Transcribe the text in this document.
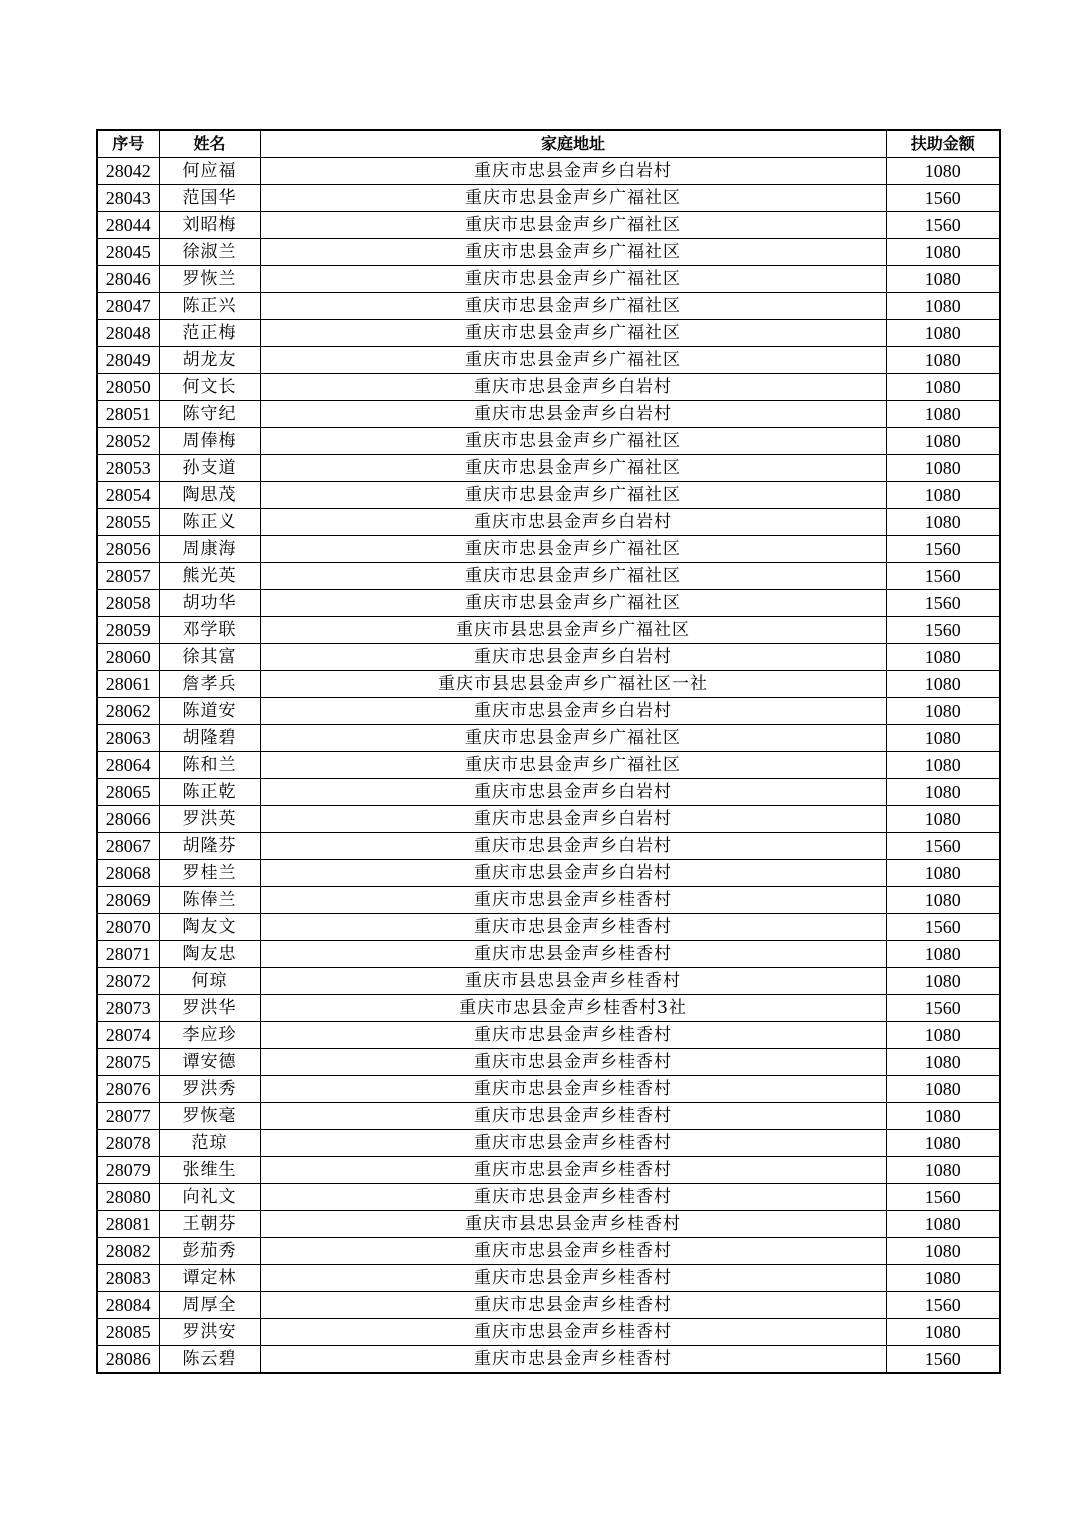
序号	姓名	家庭地址	扶助金额
28042	何应福	重庆市忠县金声乡白岩村	1080
28043	范国华	重庆市忠县金声乡广福社区	1560
28044	刘昭梅	重庆市忠县金声乡广福社区	1560
28045	徐淑兰	重庆市忠县金声乡广福社区	1080
28046	罗恢兰	重庆市忠县金声乡广福社区	1080
28047	陈正兴	重庆市忠县金声乡广福社区	1080
28048	范正梅	重庆市忠县金声乡广福社区	1080
28049	胡龙友	重庆市忠县金声乡广福社区	1080
28050	何文长	重庆市忠县金声乡白岩村	1080
28051	陈守纪	重庆市忠县金声乡白岩村	1080
28052	周俸梅	重庆市忠县金声乡广福社区	1080
28053	孙支道	重庆市忠县金声乡广福社区	1080
28054	陶思茂	重庆市忠县金声乡广福社区	1080
28055	陈正义	重庆市忠县金声乡白岩村	1080
28056	周康海	重庆市忠县金声乡广福社区	1560
28057	熊光英	重庆市忠县金声乡广福社区	1560
28058	胡功华	重庆市忠县金声乡广福社区	1560
28059	邓学联	重庆市县忠县金声乡广福社区	1560
28060	徐其富	重庆市忠县金声乡白岩村	1080
28061	詹孝兵	重庆市县忠县金声乡广福社区一社	1080
28062	陈道安	重庆市忠县金声乡白岩村	1080
28063	胡隆碧	重庆市忠县金声乡广福社区	1080
28064	陈和兰	重庆市忠县金声乡广福社区	1080
28065	陈正乾	重庆市忠县金声乡白岩村	1080
28066	罗洪英	重庆市忠县金声乡白岩村	1080
28067	胡隆芬	重庆市忠县金声乡白岩村	1560
28068	罗桂兰	重庆市忠县金声乡白岩村	1080
28069	陈俸兰	重庆市忠县金声乡桂香村	1080
28070	陶友文	重庆市忠县金声乡桂香村	1560
28071	陶友忠	重庆市忠县金声乡桂香村	1080
28072	何琼	重庆市县忠县金声乡桂香村	1080
28073	罗洪华	重庆市忠县金声乡桂香村3社	1560
28074	李应珍	重庆市忠县金声乡桂香村	1080
28075	谭安德	重庆市忠县金声乡桂香村	1080
28076	罗洪秀	重庆市忠县金声乡桂香村	1080
28077	罗恢毫	重庆市忠县金声乡桂香村	1080
28078	范琼	重庆市忠县金声乡桂香村	1080
28079	张维生	重庆市忠县金声乡桂香村	1080
28080	向礼文	重庆市忠县金声乡桂香村	1560
28081	王朝芬	重庆市县忠县金声乡桂香村	1080
28082	彭茄秀	重庆市忠县金声乡桂香村	1080
28083	谭定林	重庆市忠县金声乡桂香村	1080
28084	周厚全	重庆市忠县金声乡桂香村	1560
28085	罗洪安	重庆市忠县金声乡桂香村	1080
28086	陈云碧	重庆市忠县金声乡桂香村	1560
